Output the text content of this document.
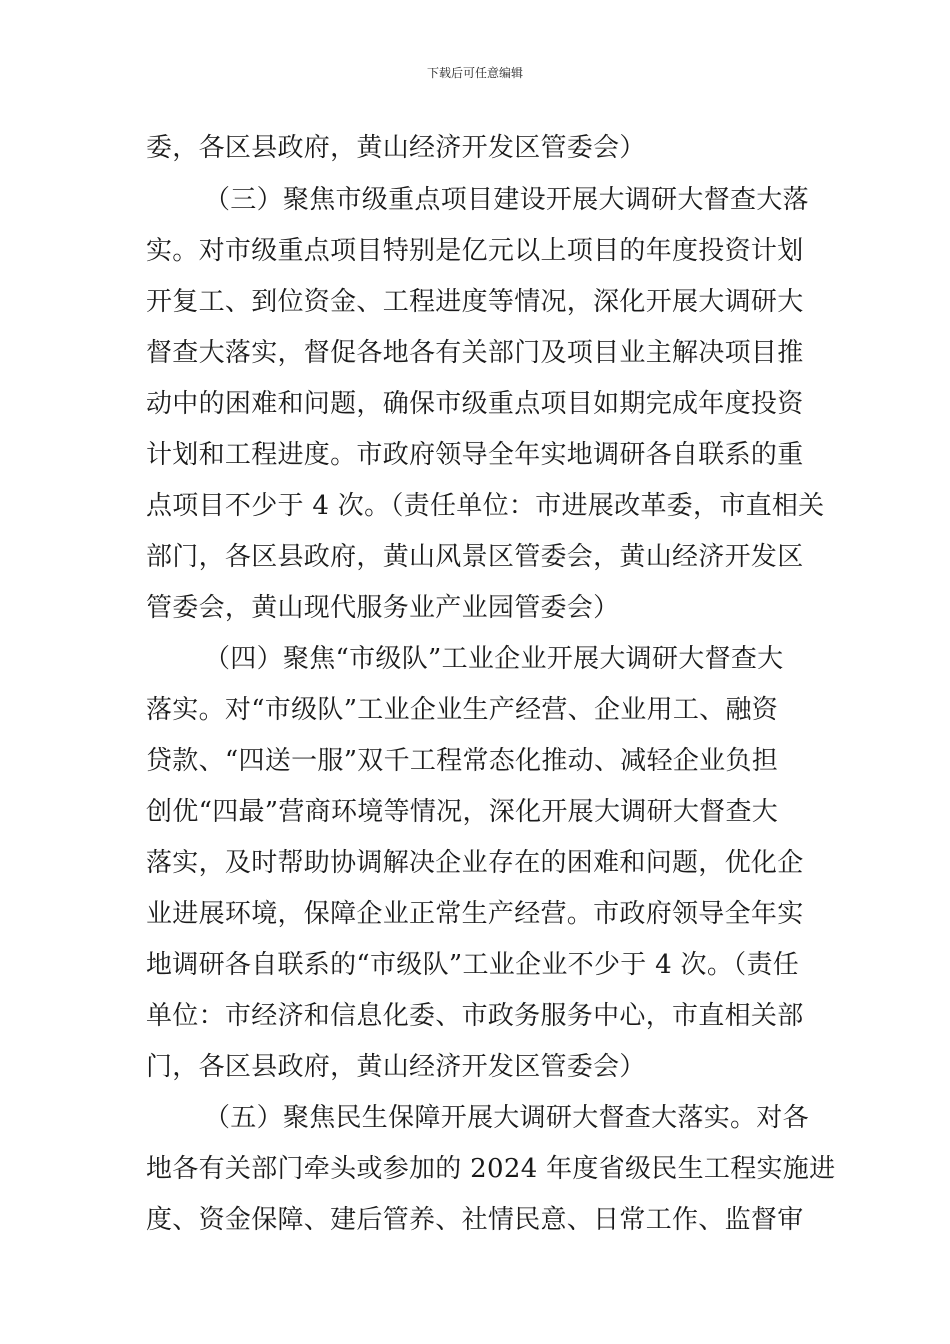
下载后可任意编辑
委，各区县政府，黄山经济开发区管委会）
（三）聚焦市级重点项目建设开展大调研大督查大落
实。对市级重点项目特别是亿元以上项目的年度投资计划
开复工、到位资金、工程进度等情况，深化开展大调研大
督查大落实，督促各地各有关部门及项目业主解决项目推
动中的困难和问题，确保市级重点项目如期完成年度投资
计划和工程进度。市政府领导全年实地调研各自联系的重
点项目不少于 4 次。（责任单位：市进展改革委，市直相关
部门，各区县政府，黄山风景区管委会，黄山经济开发区
管委会，黄山现代服务业产业园管委会）
（四）聚焦“市级队”工业企业开展大调研大督查大
落实。对“市级队”工业企业生产经营、企业用工、融资
贷款、“四送一服”双千工程常态化推动、减轻企业负担
创优“四最”营商环境等情况，深化开展大调研大督查大
落实，及时帮助协调解决企业存在的困难和问题，优化企
业进展环境，保障企业正常生产经营。市政府领导全年实
地调研各自联系的“市级队”工业企业不少于 4 次。（责任
单位：市经济和信息化委、市政务服务中心，市直相关部
门，各区县政府，黄山经济开发区管委会）
（五）聚焦民生保障开展大调研大督查大落实。对各
地各有关部门牵头或参加的 2024 年度省级民生工程实施进
度、资金保障、建后管养、社情民意、日常工作、监督审
